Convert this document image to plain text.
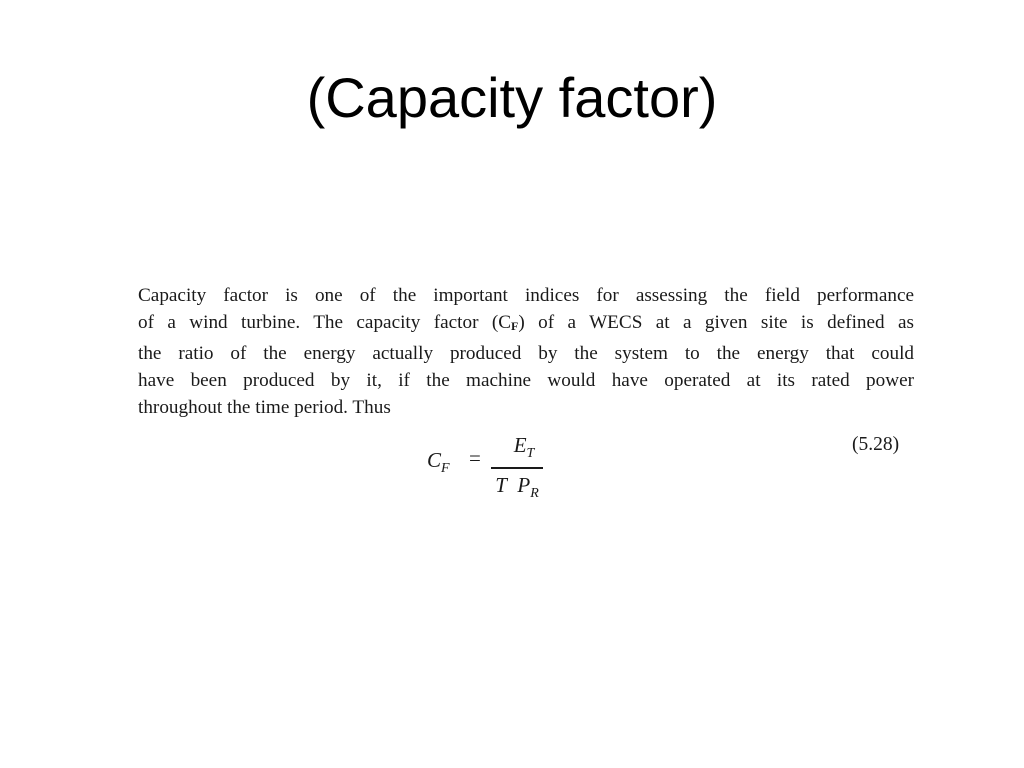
(Capacity factor)

Capacity factor is one of the important indices for assessing the field performance
of a wind turbine. The capacity factor (CF) of a WECS at a given site is defined as
the ratio of the energy actually produced by the system to the energy that could
have been produced by it, if the machine would have operated at its rated power
throughout the time period. Thus

$C_F$ =
$E_T$
T $P_R$
(5.28)
